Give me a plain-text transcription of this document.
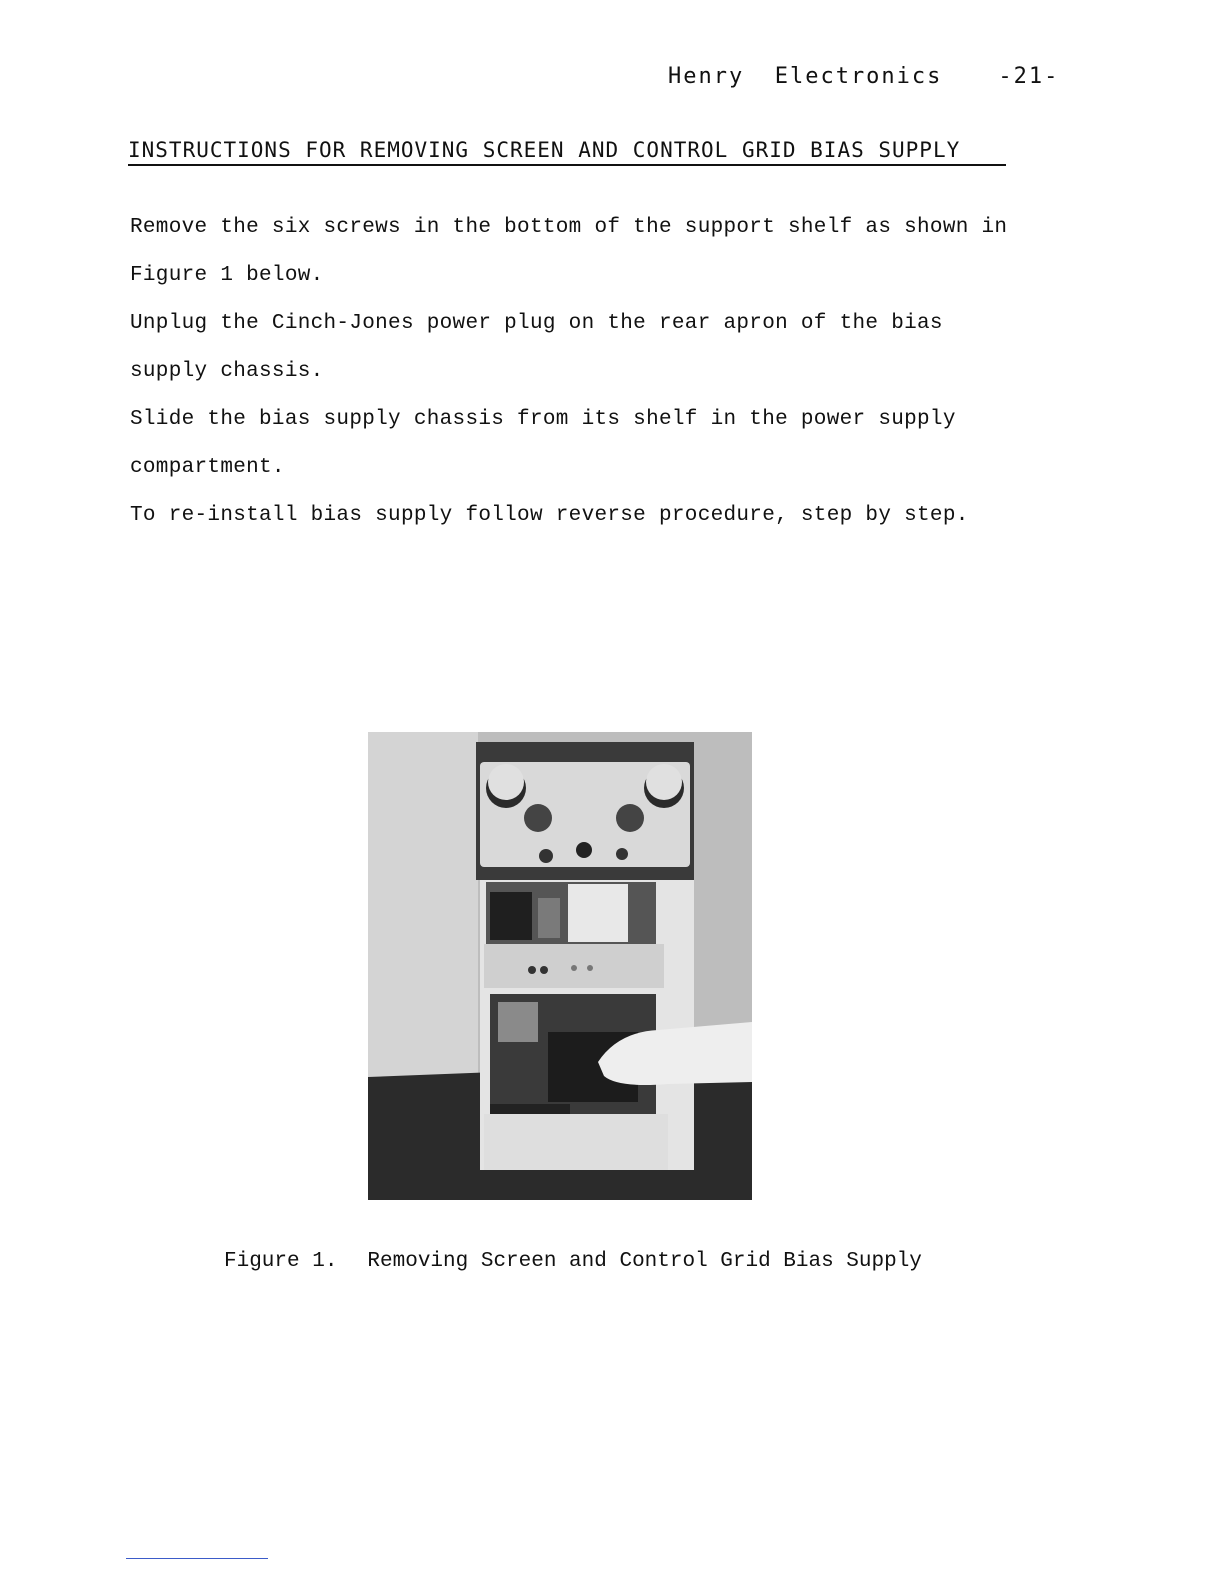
Henry  Electronics	-21-
INSTRUCTIONS FOR REMOVING SCREEN AND CONTROL GRID BIAS SUPPLY

Remove the six screws in the bottom of the support shelf as shown in Figure 1 below.

Unplug the Cinch-Jones power plug on the rear apron of the bias supply chassis.

Slide the bias supply chassis from its shelf in the power supply compartment.

To re-install bias supply follow reverse procedure, step by step.

Figure 1. Removing Screen and Control Grid Bias Supply
